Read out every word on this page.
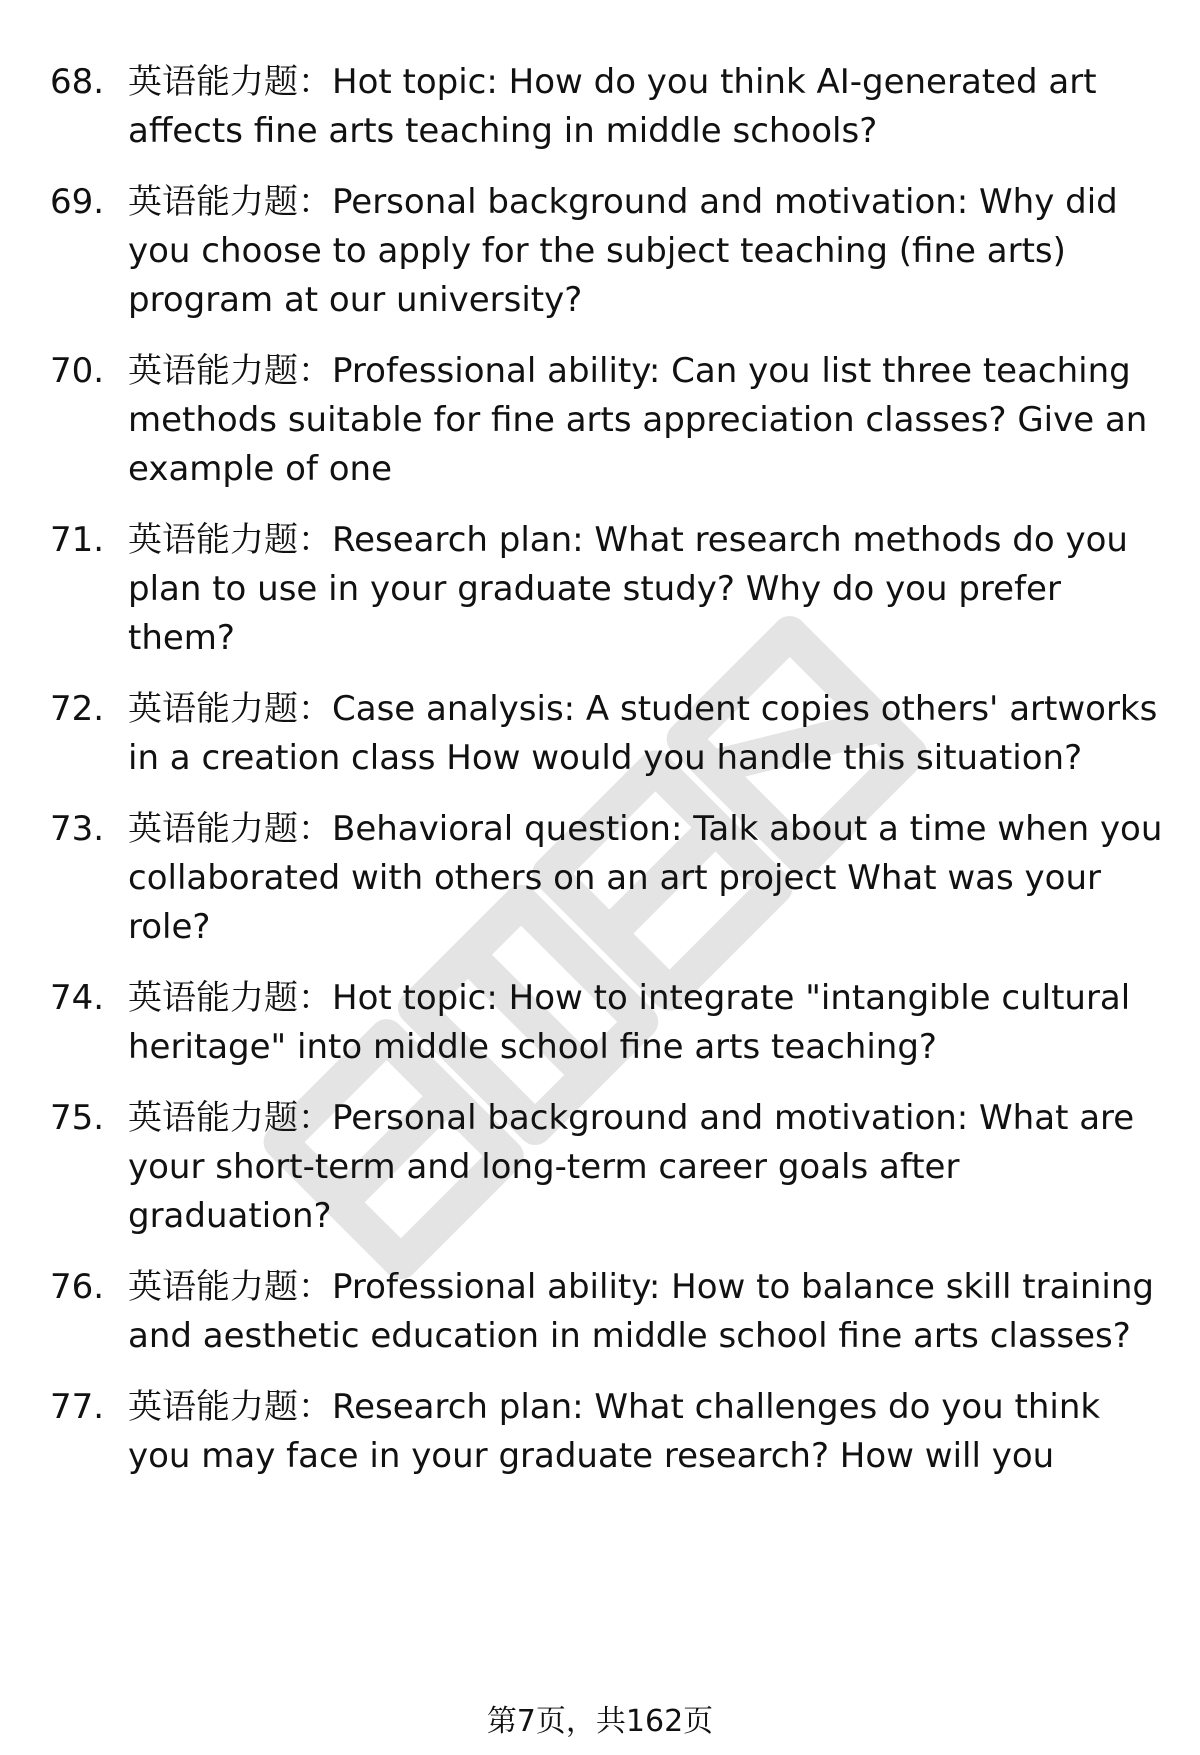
68. 英语能力题：Hot topic: How do you think AI-generated art affects fine arts teaching in middle schools?
69. 英语能力题：Personal background and motivation: Why did you choose to apply for the subject teaching (fine arts) program at our university?
70. 英语能力题：Professional ability: Can you list three teaching methods suitable for fine arts appreciation classes? Give an example of one
71. 英语能力题：Research plan: What research methods do you plan to use in your graduate study? Why do you prefer them?
72. 英语能力题：Case analysis: A student copies others' artworks in a creation class How would you handle this situation?
73. 英语能力题：Behavioral question: Talk about a time when you collaborated with others on an art project What was your role?
74. 英语能力题：Hot topic: How to integrate "intangible cultural heritage" into middle school fine arts teaching?
75. 英语能力题：Personal background and motivation: What are your short-term and long-term career goals after graduation?
76. 英语能力题：Professional ability: How to balance skill training and aesthetic education in middle school fine arts classes?
77. 英语能力题：Research plan: What challenges do you think you may face in your graduate research? How will you
第7页，共162页
